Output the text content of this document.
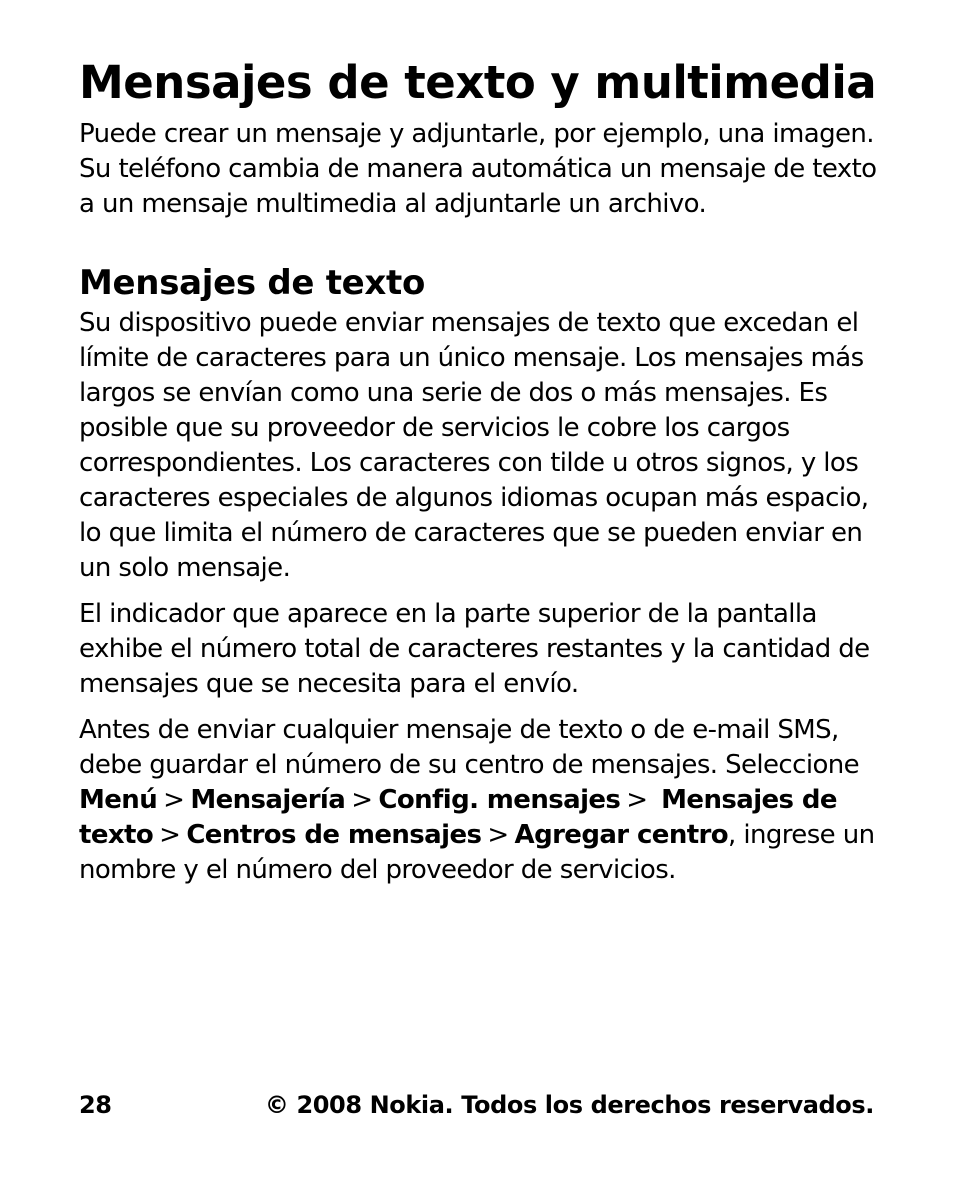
Mensajes de texto y multimedia

Puede crear un mensaje y adjuntarle, por ejemplo, una imagen. Su teléfono cambia de manera automática un mensaje de texto a un mensaje multimedia al adjuntarle un archivo.

Mensajes de texto

Su dispositivo puede enviar mensajes de texto que excedan el límite de caracteres para un único mensaje. Los mensajes más largos se envían como una serie de dos o más mensajes. Es posible que su proveedor de servicios le cobre los cargos correspondientes. Los caracteres con tilde u otros signos, y los caracteres especiales de algunos idiomas ocupan más espacio, lo que limita el número de caracteres que se pueden enviar en un solo mensaje.

El indicador que aparece en la parte superior de la pantalla exhibe el número total de caracteres restantes y la cantidad de mensajes que se necesita para el envío.

Antes de enviar cualquier mensaje de texto o de e-mail SMS, debe guardar el número de su centro de mensajes. Seleccione Menú > Mensajería > Config. mensajes > Mensajes de texto > Centros de mensajes > Agregar centro, ingrese un nombre y el número del proveedor de servicios.

28	© 2008 Nokia. Todos los derechos reservados.
